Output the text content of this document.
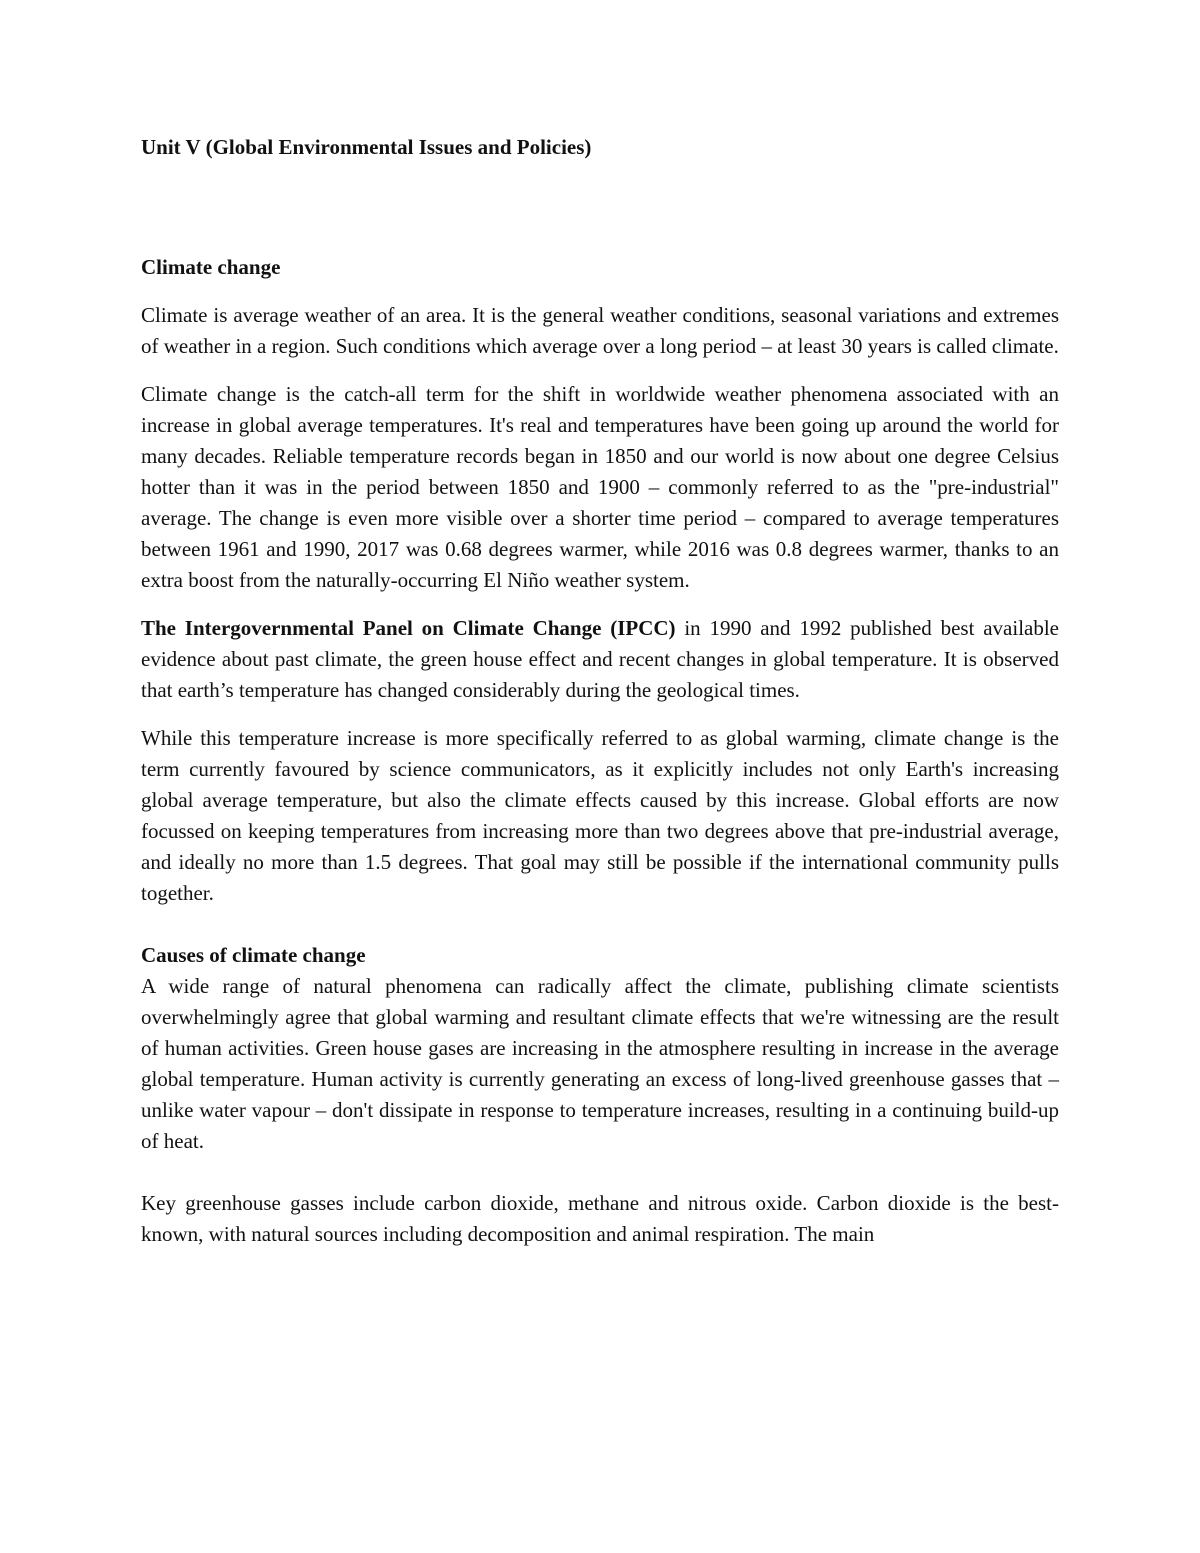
Unit V (Global Environmental Issues and Policies)
Climate change

Climate is average weather of an area. It is the general weather conditions, seasonal variations and extremes of weather in a region. Such conditions which average over a long period – at least 30 years is called climate.

Climate change is the catch-all term for the shift in worldwide weather phenomena associated with an increase in global average temperatures. It's real and temperatures have been going up around the world for many decades. Reliable temperature records began in 1850 and our world is now about one degree Celsius hotter than it was in the period between 1850 and 1900 – commonly referred to as the "pre-industrial" average. The change is even more visible over a shorter time period – compared to average temperatures between 1961 and 1990, 2017 was 0.68 degrees warmer, while 2016 was 0.8 degrees warmer, thanks to an extra boost from the naturally-occurring El Niño weather system.

The Intergovernmental Panel on Climate Change (IPCC) in 1990 and 1992 published best available evidence about past climate, the green house effect and recent changes in global temperature. It is observed that earth’s temperature has changed considerably during the geological times.

While this temperature increase is more specifically referred to as global warming, climate change is the term currently favoured by science communicators, as it explicitly includes not only Earth's increasing global average temperature, but also the climate effects caused by this increase. Global efforts are now focussed on keeping temperatures from increasing more than two degrees above that pre-industrial average, and ideally no more than 1.5 degrees. That goal may still be possible if the international community pulls together.

Causes of climate change

A wide range of natural phenomena can radically affect the climate, publishing climate scientists overwhelmingly agree that global warming and resultant climate effects that we're witnessing are the result of human activities. Green house gases are increasing in the atmosphere resulting in increase in the average global temperature. Human activity is currently generating an excess of long-lived greenhouse gasses that – unlike water vapour – don't dissipate in response to temperature increases, resulting in a continuing build-up of heat.

Key greenhouse gasses include carbon dioxide, methane and nitrous oxide. Carbon dioxide is the best-known, with natural sources including decomposition and animal respiration. The main
